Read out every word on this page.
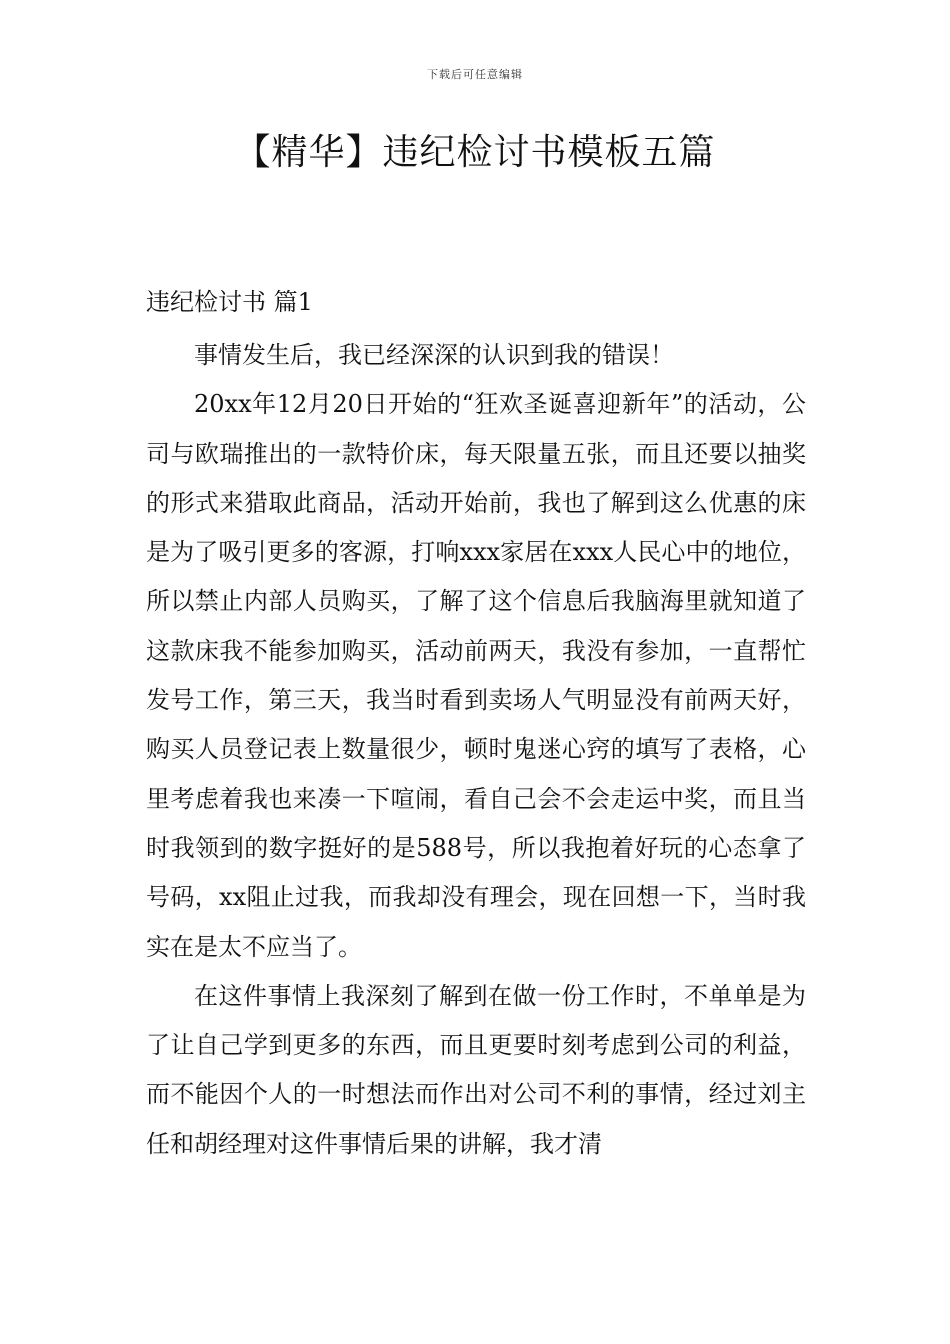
下载后可任意编辑
【精华】违纪检讨书模板五篇
违纪检讨书 篇1

事情发生后，我已经深深的认识到我的错误！

20xx年12月20日开始的“狂欢圣诞喜迎新年”的活动，公司与欧瑞推出的一款特价床，每天限量五张，而且还要以抽奖的形式来猎取此商品，活动开始前，我也了解到这么优惠的床是为了吸引更多的客源，打响xxx家居在xxx人民心中的地位，所以禁止内部人员购买，了解了这个信息后我脑海里就知道了这款床我不能参加购买，活动前两天，我没有参加，一直帮忙发号工作，第三天，我当时看到卖场人气明显没有前两天好，购买人员登记表上数量很少，顿时鬼迷心窍的填写了表格，心里考虑着我也来凑一下喧闹，看自己会不会走运中奖，而且当时我领到的数字挺好的是588号，所以我抱着好玩的心态拿了号码，xx阻止过我，而我却没有理会，现在回想一下，当时我实在是太不应当了。

在这件事情上我深刻了解到在做一份工作时，不单单是为了让自己学到更多的东西，而且更要时刻考虑到公司的利益，而不能因个人的一时想法而作出对公司不利的事情，经过刘主任和胡经理对这件事情后果的讲解，我才清
